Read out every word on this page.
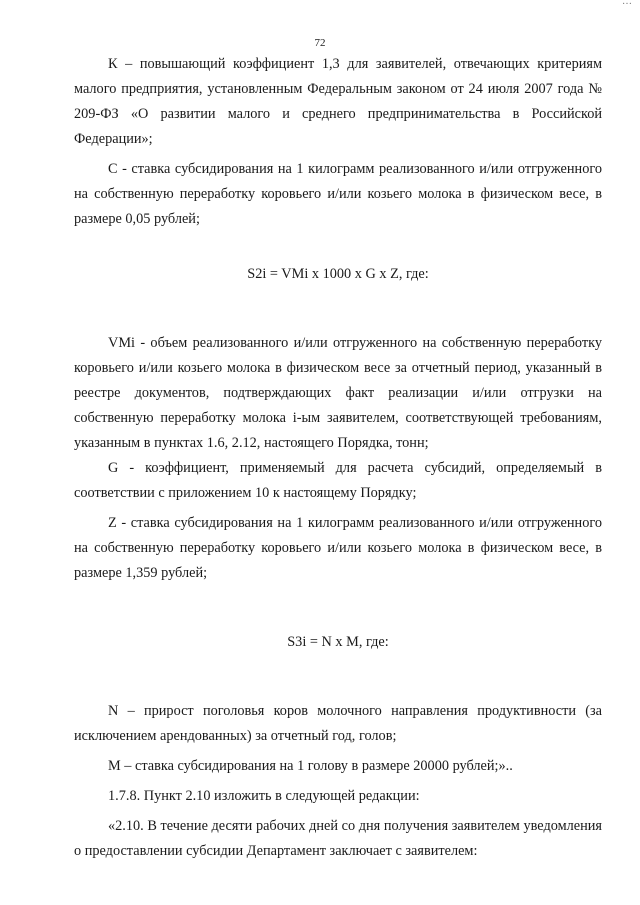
…
72

К – повышающий коэффициент 1,3 для заявителей, отвечающих критериям малого предприятия, установленным Федеральным законом от 24 июля 2007 года № 209-ФЗ «О развитии малого и среднего предпринимательства в Российской Федерации»;

С - ставка субсидирования на 1 килограмм реализованного и/или отгруженного на собственную переработку коровьего и/или козьего молока в физическом весе, в размере 0,05 рублей;

S2i = VMi x 1000 x G x Z, где:

VMi - объем реализованного и/или отгруженного на собственную переработку коровьего и/или козьего молока в физическом весе за отчетный период, указанный в реестре документов, подтверждающих факт реализации и/или отгрузки на собственную переработку молока i-ым заявителем, соответствующей требованиям, указанным в пунктах 1.6, 2.12, настоящего Порядка, тонн;

G - коэффициент, применяемый для расчета субсидий, определяемый в соответствии с приложением 10 к настоящему Порядку;

Z - ставка субсидирования на 1 килограмм реализованного и/или отгруженного на собственную переработку коровьего и/или козьего молока в физическом весе, в размере 1,359 рублей;

S3i = N x M, где:

N – прирост поголовья коров молочного направления продуктивности (за исключением арендованных) за отчетный год, голов;

М – ставка субсидирования на 1 голову в размере 20000 рублей;»..

1.7.8. Пункт 2.10 изложить в следующей редакции:

«2.10. В течение десяти рабочих дней со дня получения заявителем уведомления о предоставлении субсидии Департамент заключает с заявителем:
